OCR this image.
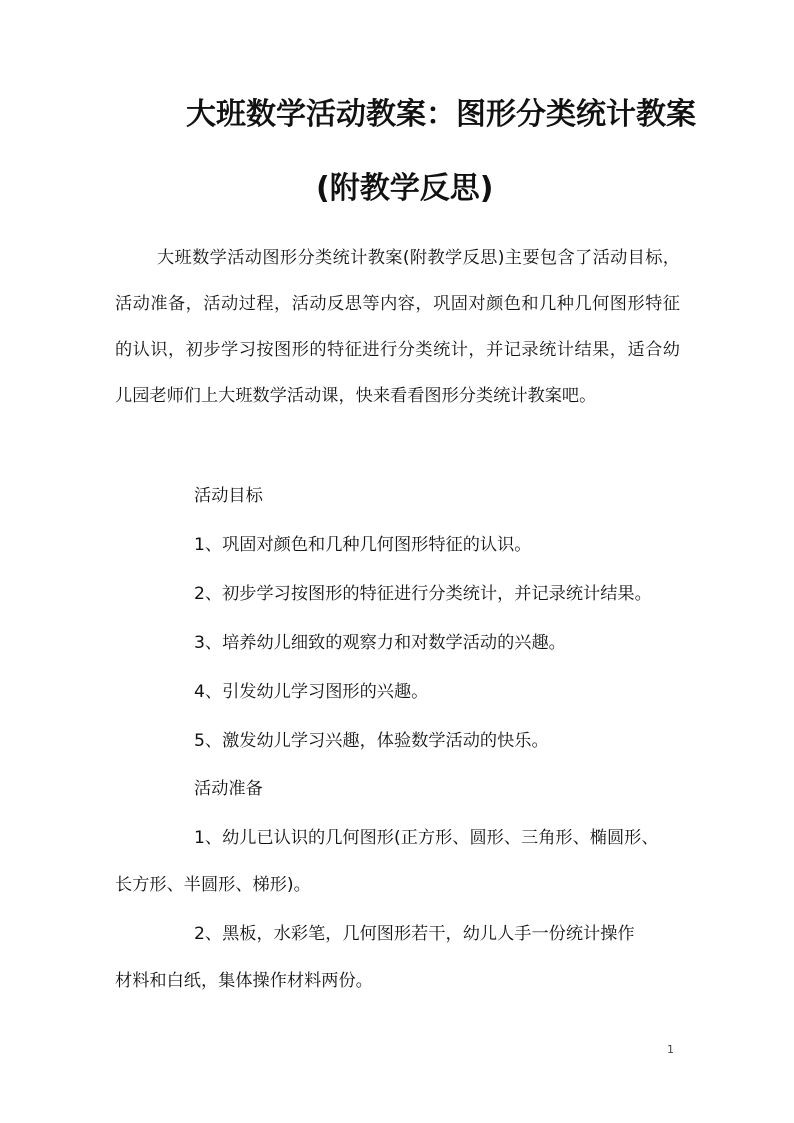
大班数学活动教案：图形分类统计教案
(附教学反思)
大班数学活动图形分类统计教案(附教学反思)主要包含了活动目标，活动准备，活动过程，活动反思等内容，巩固对颜色和几种几何图形特征的认识，初步学习按图形的特征进行分类统计，并记录统计结果，适合幼儿园老师们上大班数学活动课，快来看看图形分类统计教案吧。
活动目标
1、巩固对颜色和几种几何图形特征的认识。
2、初步学习按图形的特征进行分类统计，并记录统计结果。
3、培养幼儿细致的观察力和对数学活动的兴趣。
4、引发幼儿学习图形的兴趣。
5、激发幼儿学习兴趣，体验数学活动的快乐。
活动准备
1、幼儿已认识的几何图形(正方形、圆形、三角形、椭圆形、
长方形、半圆形、梯形)。
2、黑板，水彩笔，几何图形若干，幼儿人手一份统计操作
材料和白纸，集体操作材料两份。
1
